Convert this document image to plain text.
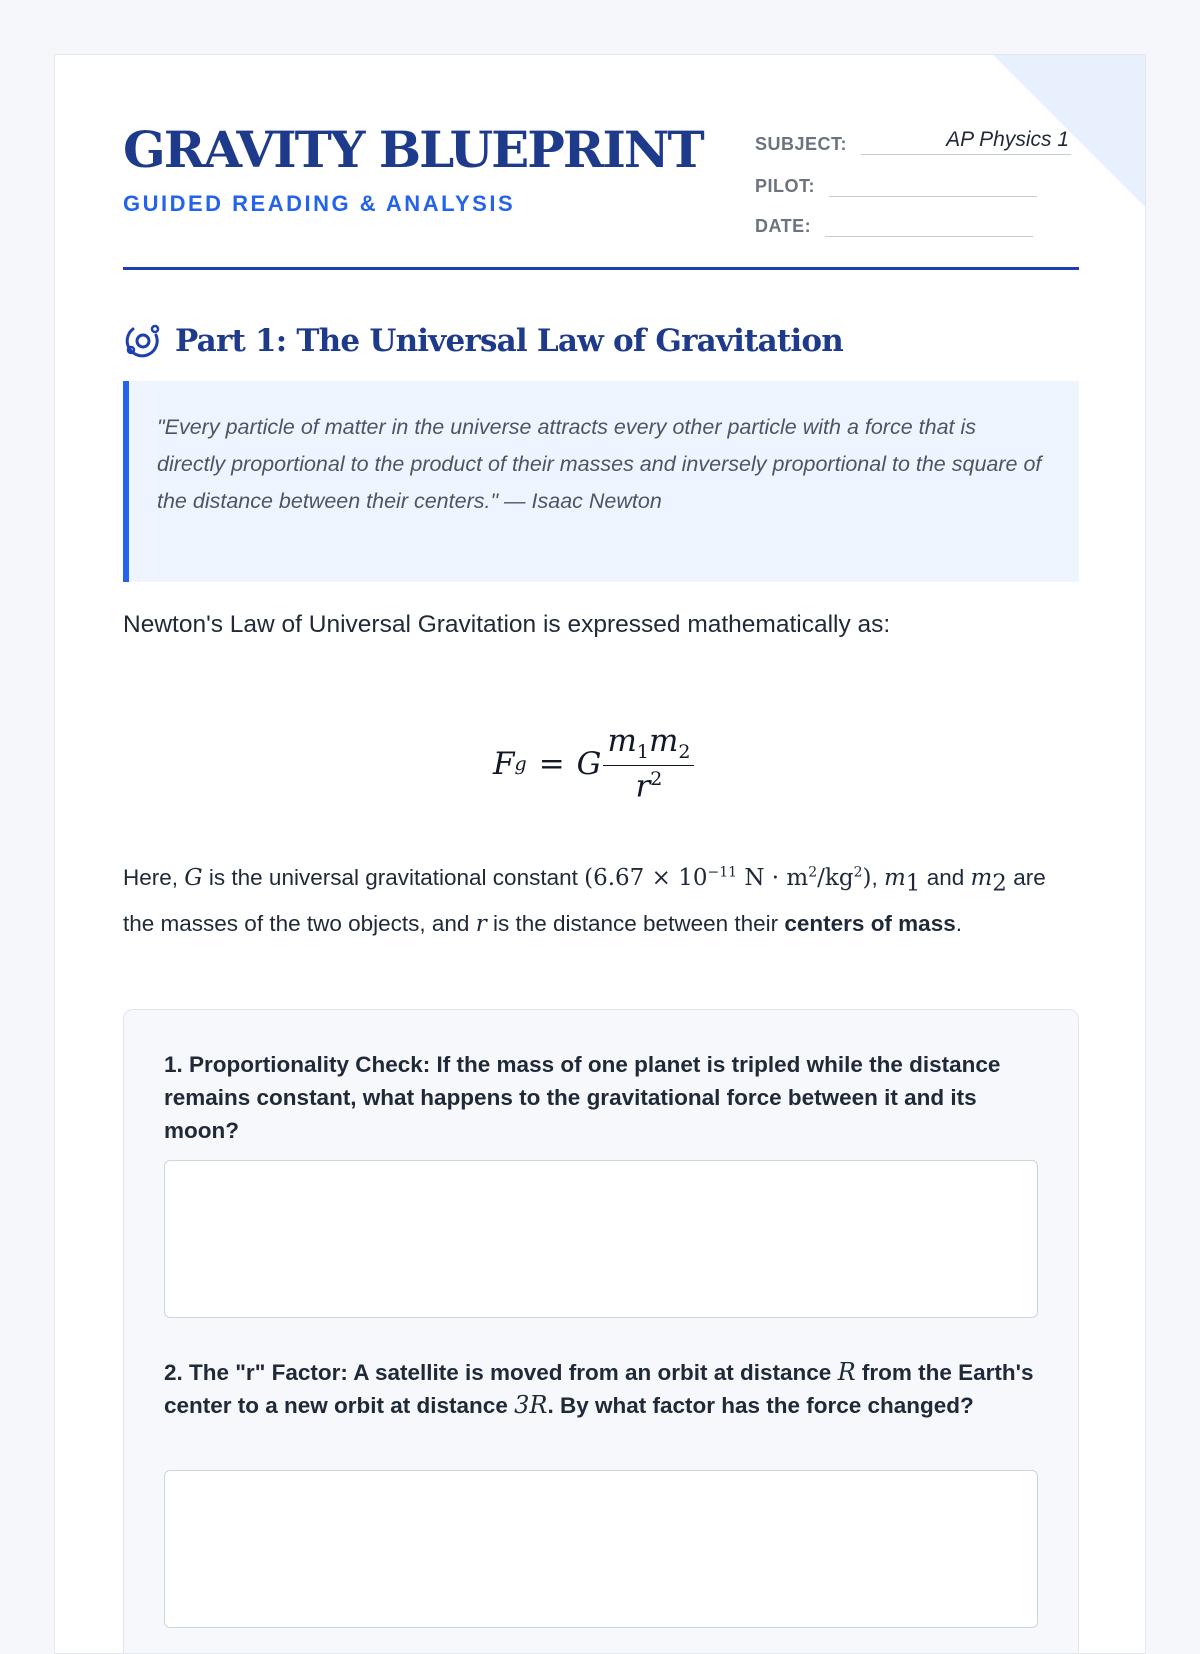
GRAVITY BLUEPRINT
GUIDED READING & ANALYSIS
SUBJECT:	AP Physics 1
PILOT:
DATE:
Part 1: The Universal Law of Gravitation
"Every particle of matter in the universe attracts every other particle with a force that is directly proportional to the product of their masses and inversely proportional to the square of the distance between their centers." — Isaac Newton
Newton's Law of Universal Gravitation is expressed mathematically as:
F g = G $\frac{m_1m_2}{r^2}$
Here, G is the universal gravitational constant ($6.67 \times 10^{-11}$ $N \cdot m^2/kg^2$), $m_1$ and $m_2$ are the masses of the two objects, and r is the distance between their centers of mass.
1. Proportionality Check: If the mass of one planet is tripled while the distance remains constant, what happens to the gravitational force between it and its moon?
2. The "r" Factor: A satellite is moved from an orbit at distance R from the Earth's center to a new orbit at distance 3R. By what factor has the force changed?
